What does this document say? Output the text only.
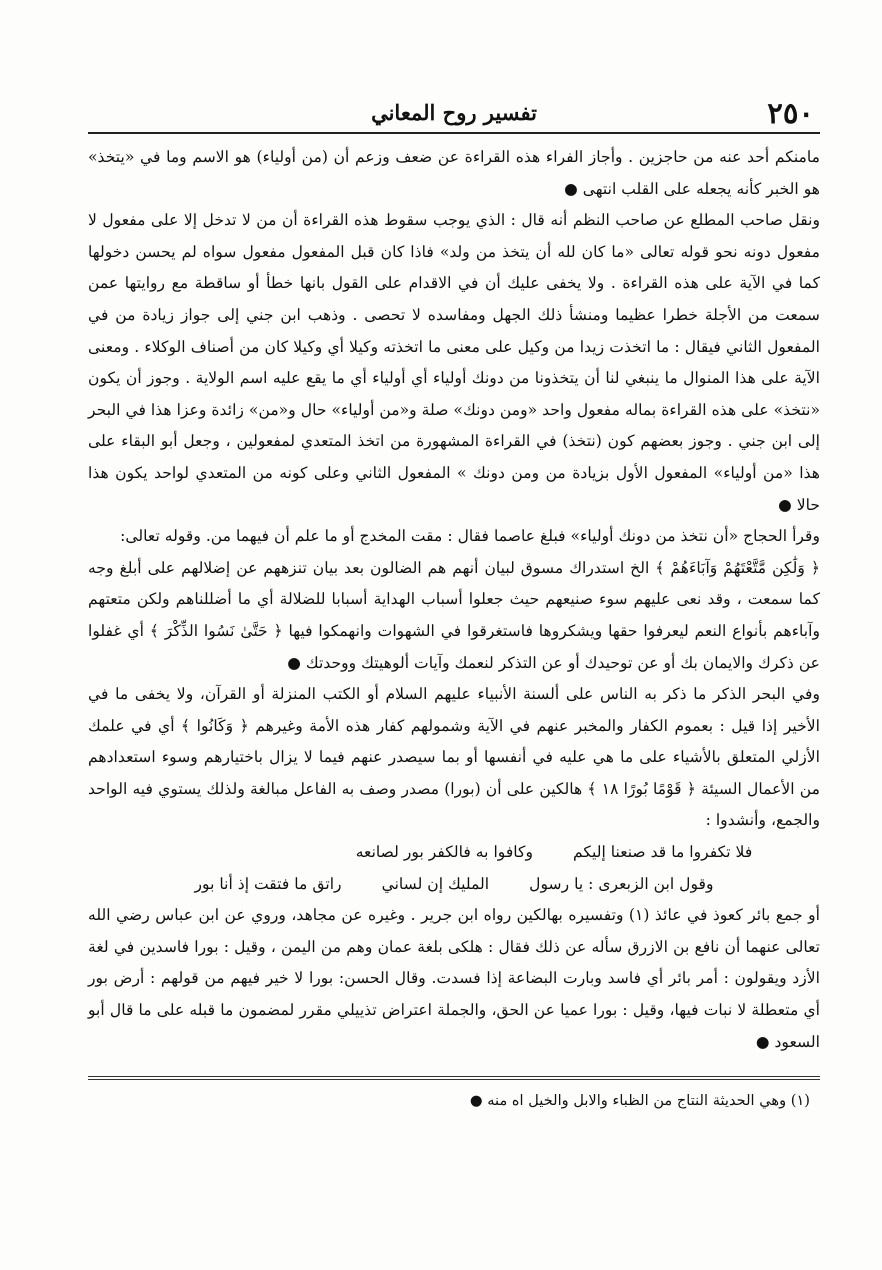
٢٥٠
تفسير روح المعاني

مامنكم أحد عنه من حاجزين . وأجاز الفراء هذه القراءة عن ضعف وزعم أن (من أولياء) هو الاسم وما في «يتخذ» هو الخبر كأنه يجعله على القلب انتهى ●

ونقل صاحب المطلع عن صاحب النظم أنه قال : الذي يوجب سقوط هذه القراءة أن من لا تدخل إلا على مفعول لا مفعول دونه نحو قوله تعالى «ما كان لله أن يتخذ من ولد» فاذا كان قبل المفعول مفعول سواه لم يحسن دخولها كما في الآية على هذه القراءة . ولا يخفى عليك أن في الاقدام على القول بانها خطأ أو ساقطة مع روايتها عمن سمعت من الأجلة خطرا عظيما ومنشأ ذلك الجهل ومفاسده لا تحصى . وذهب ابن جني إلى جواز زيادة من في المفعول الثاني فيقال : ما اتخذت زيدا من وكيل على معنى ما اتخذته وكيلا أي وكيلا كان من أصناف الوكلاء . ومعنى الآية على هذا المنوال ما ينبغي لنا أن يتخذونا من دونك أولياء أي أولياء أي ما يقع عليه اسم الولاية . وجوز أن يكون «نتخذ» على هذه القراءة بماله مفعول واحد «ومن دونك» صلة و«من أولياء» حال و«من» زائدة وعزا هذا في البحر إلى ابن جني . وجوز بعضهم كون (نتخذ) في القراءة المشهورة من اتخذ المتعدي لمفعولين ، وجعل أبو البقاء على هذا «من أولياء» المفعول الأول بزيادة من ومن دونك » المفعول الثاني وعلى كونه من المتعدي لواحد يكون هذا حالا ●

وقرأ الحجاج «أن نتخذ من دونك أولياء» فبلغ عاصما فقال : مقت المخدج أو ما علم أن فيهما من. وقوله تعالى:

﴿ وَلَٰكِن مَّتَّعْتَهُمْ وَآبَاءَهُمْ ﴾ الخ استدراك مسوق لبيان أنهم هم الضالون بعد بيان تنزههم عن إضلالهم على أبلغ وجه كما سمعت ، وقد نعى عليهم سوء صنيعهم حيث جعلوا أسباب الهداية أسبابا للضلالة أي ما أضللناهم ولكن متعتهم وآباءهم بأنواع النعم ليعرفوا حقها ويشكروها فاستغرقوا في الشهوات وانهمكوا فيها ﴿ حَتَّىٰ نَسُوا الذِّكْرَ ﴾ أي غفلوا عن ذكرك والايمان بك أو عن توحيدك أو عن التذكر لنعمك وآيات ألوهيتك ووحدتك ●

وفي البحر الذكر ما ذكر به الناس على ألسنة الأنبياء عليهم السلام أو الكتب المنزلة أو القرآن، ولا يخفى ما في الأخير إذا قيل : بعموم الكفار والمخبر عنهم في الآية وشمولهم كفار هذه الأمة وغيرهم ﴿ وَكَانُوا ﴾ أي في علمك الأزلي المتعلق بالأشياء على ما هي عليه في أنفسها أو بما سيصدر عنهم فيما لا يزال باختيارهم وسوء استعدادهم من الأعمال السيئة ﴿ قَوْمًا بُورًا ١٨ ﴾ هالكين على أن (بورا) مصدر وصف به الفاعل مبالغة ولذلك يستوي فيه الواحد والجمع، وأنشدوا :

فلا تكفروا ما قد صنعنا إليكم
وكافوا به فالكفر بور لصانعه
وقول ابن الزبعرى : يا رسول
المليك إن لساني
راتق ما فتقت إذ أنا بور

أو جمع بائر كعوذ في عائذ (١) وتفسيره بهالكين رواه ابن جرير . وغيره عن مجاهد، وروي عن ابن عباس رضي الله تعالى عنهما أن نافع بن الازرق سأله عن ذلك فقال : هلكى بلغة عمان وهم من اليمن ، وقيل : بورا فاسدين في لغة الأزد ويقولون : أمر بائر أي فاسد وبارت البضاعة إذا فسدت. وقال الحسن: بورا لا خير فيهم من قولهم : أرض بور أي متعطلة لا نبات فيها، وقيل : بورا عميا عن الحق، والجملة اعتراض تذييلي مقرر لمضمون ما قبله على ما قال أبو السعود ●

(١) وهي الحديثة النتاج من الظباء والابل والخيل اه منه ●
